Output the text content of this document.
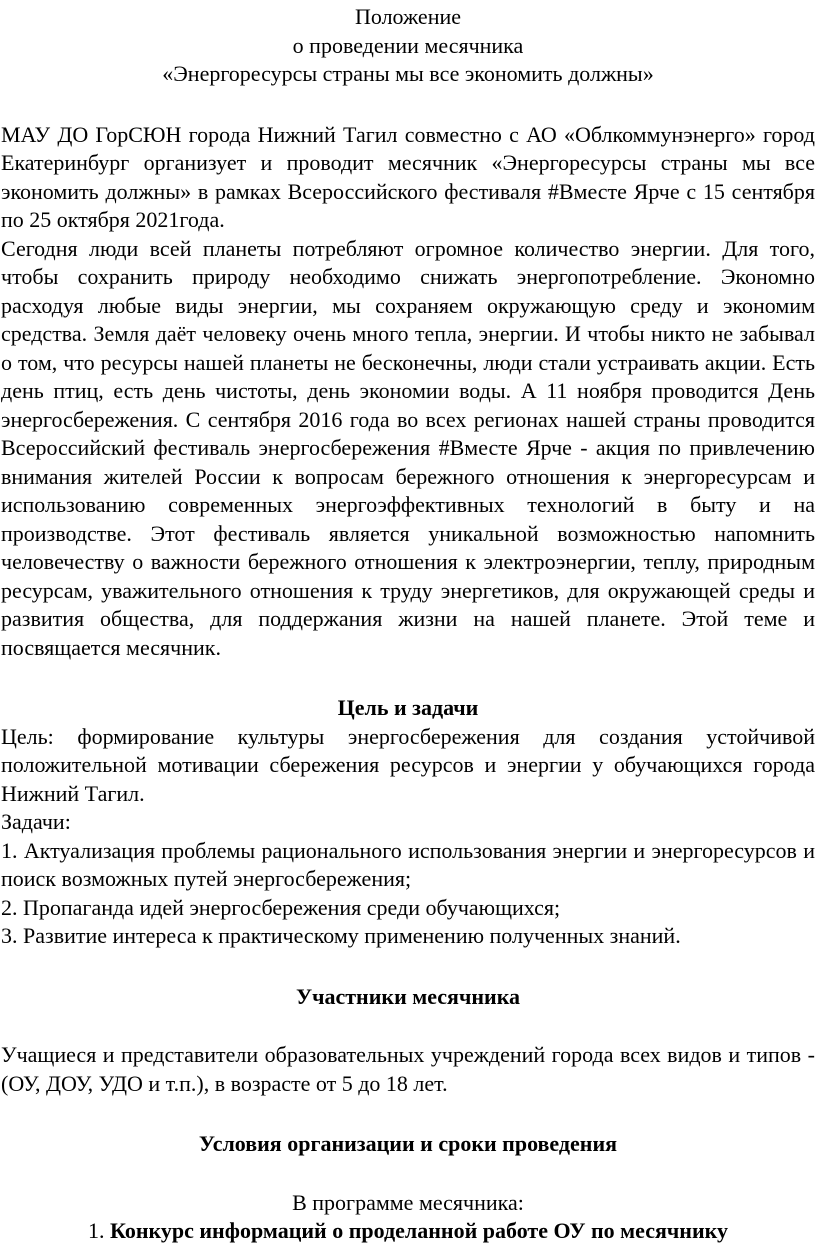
Положение

о проведении месячника

«Энергоресурсы страны мы все экономить должны»

МАУ ДО ГорСЮН города Нижний Тагил совместно с АО «Облкоммунэнерго» город Екатеринбург организует и проводит месячник «Энергоресурсы страны мы все экономить должны» в рамках Всероссийского фестиваля #Вместе Ярче с 15 сентября по 25 октября 2021года.

Сегодня люди всей планеты потребляют огромное количество энергии. Для того, чтобы сохранить природу необходимо снижать энергопотребление. Экономно расходуя любые виды энергии, мы сохраняем окружающую среду и экономим средства. Земля даёт человеку очень много тепла, энергии. И чтобы никто не забывал о том, что ресурсы нашей планеты не бесконечны, люди стали устраивать акции. Есть день птиц, есть день чистоты, день экономии воды. А 11 ноября проводится День энергосбережения. С сентября 2016 года во всех регионах нашей страны проводится Всероссийский фестиваль энергосбережения #Вместе Ярче - акция по привлечению внимания жителей России к вопросам бережного отношения к энергоресурсам и использованию современных энергоэффективных технологий в быту и на производстве. Этот фестиваль является уникальной возможностью напомнить человечеству о важности бережного отношения к электроэнергии, теплу, природным ресурсам, уважительного отношения к труду энергетиков, для окружающей среды и развития общества, для поддержания жизни на нашей планете. Этой теме и посвящается месячник.

Цель и задачи

Цель: формирование культуры энергосбережения для создания устойчивой положительной мотивации сбережения ресурсов и энергии у обучающихся города Нижний Тагил.

Задачи:

1. Актуализация проблемы рационального использования энергии и энергоресурсов и поиск возможных путей энергосбережения;

2. Пропаганда идей энергосбережения среди обучающихся;

3. Развитие интереса к практическому применению полученных знаний.

Участники месячника

Учащиеся и представители образовательных учреждений города всех видов и типов - (ОУ, ДОУ, УДО и т.п.), в возрасте от 5 до 18 лет.

Условия организации и сроки проведения

В программе месячника:

1. Конкурс информаций о проделанной работе ОУ по месячнику
